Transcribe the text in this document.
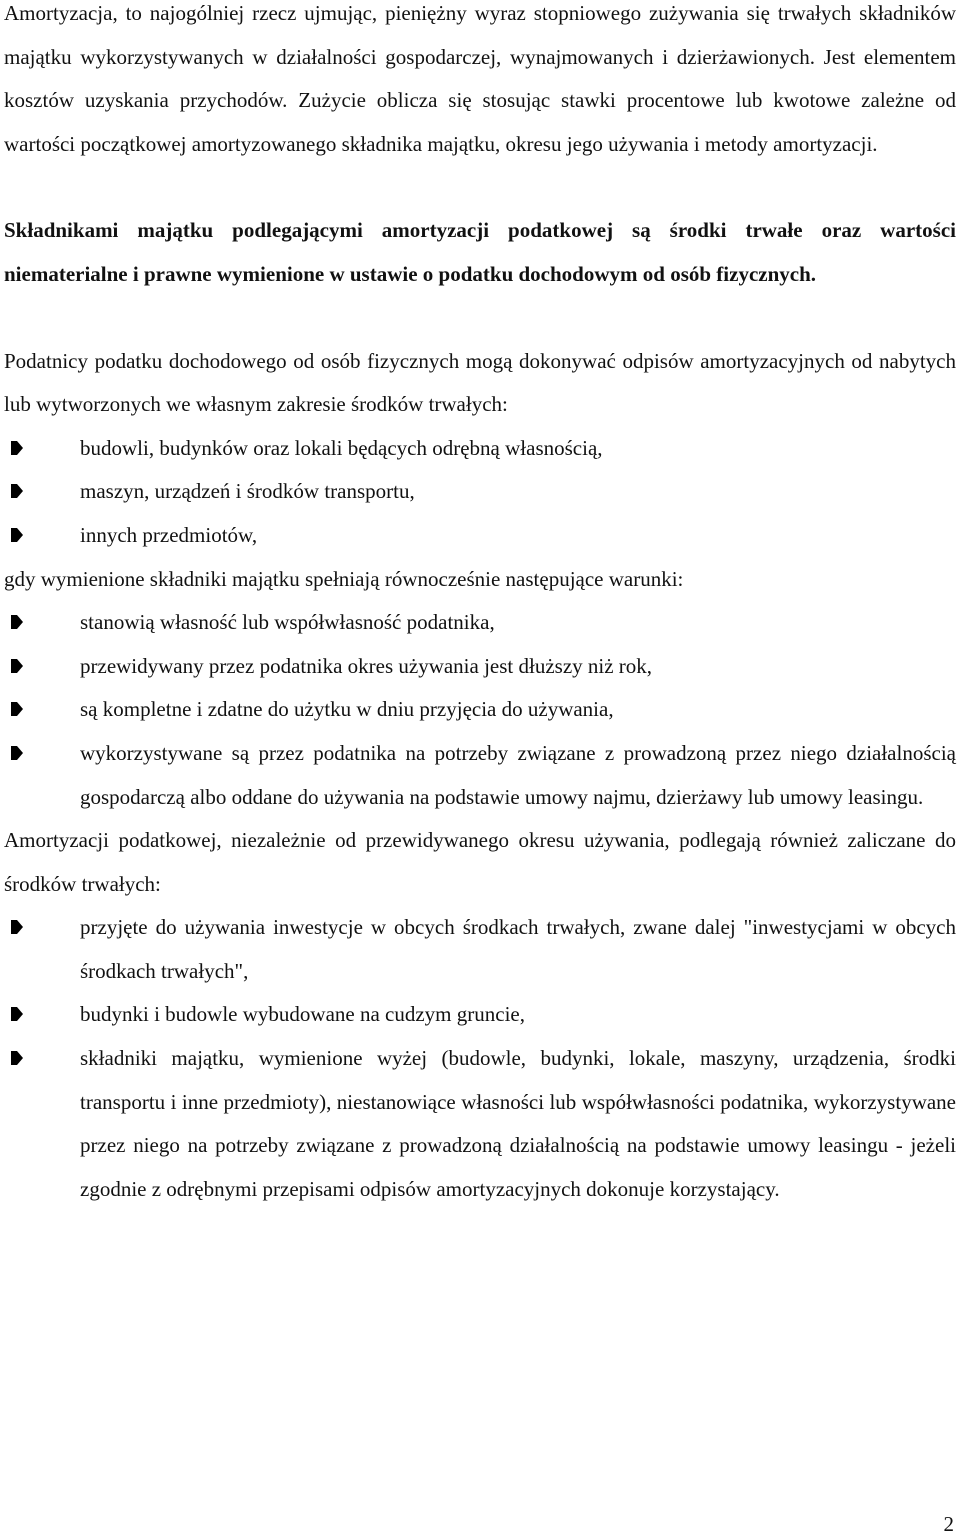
Amortyzacja, to najogólniej rzecz ujmując, pieniężny wyraz stopniowego zużywania się trwałych składników majątku wykorzystywanych w działalności gospodarczej, wynajmowanych i dzierżawionych. Jest elementem kosztów uzyskania przychodów. Zużycie oblicza się stosując stawki procentowe lub kwotowe zależne od wartości początkowej amortyzowanego składnika majątku, okresu jego używania i metody amortyzacji.

Składnikami majątku podlegającymi amortyzacji podatkowej są środki trwałe oraz wartości niematerialne i prawne wymienione w ustawie o podatku dochodowym od osób fizycznych.

Podatnicy podatku dochodowego od osób fizycznych mogą dokonywać odpisów amortyzacyjnych od nabytych lub wytworzonych we własnym zakresie środków trwałych:

budowli, budynków oraz lokali będących odrębną własnością,
maszyn, urządzeń i środków transportu,
innych przedmiotów,

gdy wymienione składniki majątku spełniają równocześnie następujące warunki:

stanowią własność lub współwłasność podatnika,
przewidywany przez podatnika okres używania jest dłuższy niż rok,
są kompletne i zdatne do użytku w dniu przyjęcia do używania,
wykorzystywane są przez podatnika na potrzeby związane z prowadzoną przez niego działalnością gospodarczą albo oddane do używania na podstawie umowy najmu, dzierżawy lub umowy leasingu.

Amortyzacji podatkowej, niezależnie od przewidywanego okresu używania, podlegają również zaliczane do środków trwałych:

przyjęte do używania inwestycje w obcych środkach trwałych, zwane dalej "inwestycjami w obcych środkach trwałych",
budynki i budowle wybudowane na cudzym gruncie,
składniki majątku, wymienione wyżej (budowle, budynki, lokale, maszyny, urządzenia, środki transportu i inne przedmioty), niestanowiące własności lub współwłasności podatnika, wykorzystywane przez niego na potrzeby związane z prowadzoną działalnością na podstawie umowy leasingu - jeżeli zgodnie z odrębnymi przepisami odpisów amortyzacyjnych dokonuje korzystający.
2
